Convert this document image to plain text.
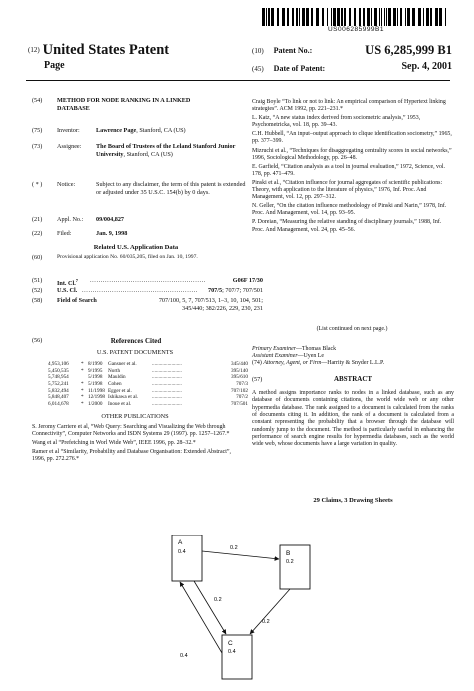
US006285999B1
(12) United States Patent
Page
(10) Patent No.:	US 6,285,999 B1
(45) Date of Patent:	Sep. 4, 2001
(54) METHOD FOR NODE RANKING IN A LINKED DATABASE
(75) Inventor:	Lawrence Page, Stanford, CA (US)
(73) Assignee: The Board of Trustees of the Leland Stanford Junior University, Stanford, CA (US)
( * ) Notice:	Subject to any disclaimer, the term of this patent is extended or adjusted under 35 U.S.C. 154(b) by 0 days.
(21) Appl. No.: 09/004,827
(22) Filed:	Jan. 9, 1998
Related U.S. Application Data
(60)	Provisional application No. 60/035,205, filed on Jan. 10, 1997.
(51) Int. Cl.$^7$ ......................................................	G06F 17/30
(52) U.S. Cl. ......................................................	707/5; 707/7; 707/501
(58) Field of Search	707/100, 5, 7, 707/513, 1–3, 10, 104, 501; 345/440; 382/226, 229, 230, 231
(56)	References Cited
U.S. PATENT DOCUMENTS
4,953,106 * 8/1990 Gansner et al.	345/440
.......................
5,450,535 * 9/1995 North	395/140
.......................
5,748,954	5/1998 Mauldin	395/610
.......................
5,752,241 * 5/1998 Cohen	707/3
.......................
5,832,494 * 11/1998 Egger et al.	707/102
.......................
5,848,407 * 12/1998 Ishikawa et al.	707/2
.......................
6,014,678 * 1/2000 Inoue et al.	707/501
.......................
OTHER PUBLICATIONS

S. Jeromy Carriere et al, “Web Query: Searching and Visualizing the Web through Connectivity”, Computer Networks and ISDN Systems 29 (1997). pp. 1257–1267.*

Wang et al “Prefetching in Worl Wide Web”, IEEE 1996, pp. 28–32.*

Ramer et al “Similarity, Probability and Database Organisation: Extended Abstract”, 1996, pp. 272.276.*

Craig Boyle “To link or not to link: An empirical comparison of Hypertext linking strategies”. ACM 1992, pp. 221–231.*

L. Katz, “A new status index derived from sociometric analysis,” 1953, Psychometricka, vol. 18, pp. 39–43.

C.H. Hubbell, “An input–output approach to clique identification sociometry,” 1965, pp. 377–399.

Mizruchi et al., “Techniques for disaggregating centrality scores in social networks,” 1996, Sociological Methodology, pp. 26–48.

E. Garfield, “Citation analysis as a tool in journal evaluation,” 1972, Science, vol. 178, pp. 471–479.

Pinski et al., “Citation influence for journal aggregates of scientific publications: Theory, with application to the literature of physics,” 1976, Inf. Proc. And Management, vol. 12, pp. 297–312.

N. Geller, “On the citation influence methodology of Pinski and Narin,” 1978, Inf. Proc. And Management, vol. 14, pp. 93–95.

P. Doreian, “Measuring the relative standing of disciplinary journals,” 1988, Inf. Proc. And Management, vol. 24, pp. 45–56.

(List continued on next page.)
Primary Examiner—Thomas Black
Assistant Examiner—Uyen Le
(74) Attorney, Agent, or Firm—Harrity & Snyder L.L.P.
(57)	ABSTRACT
A method assigns importance ranks to nodes in a linked database, such as any database of documents containing citations, the world wide web or any other hypermedia database. The rank assigned to a document is calculated from the ranks of documents citing it. In addition, the rank of a document is calculated from a constant representing the probability that a browser through the database will randomly jump to the document. The method is particularly useful in enhancing the performance of search engine results for hypermedia databases, such as the world wide web, whose documents have a large variation in quality.
29 Claims, 3 Drawing Sheets
A
0.4	B
0.2
C
0.4
0.2
0.2
0.2
0.4
